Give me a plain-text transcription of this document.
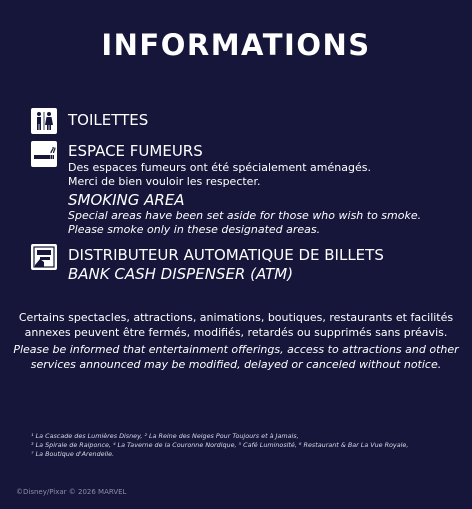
INFORMATIONS
TOILETTES
ESPACE FUMEURS
Des espaces fumeurs ont été spécialement aménagés.
Merci de bien vouloir les respecter.
SMOKING AREA
Special areas have been set aside for those who wish to smoke.
Please smoke only in these designated areas.
DISTRIBUTEUR AUTOMATIQUE DE BILLETS
BANK CASH DISPENSER (ATM)
Certains spectacles, attractions, animations, boutiques, restaurants et facilités
annexes peuvent être fermés, modifiés, retardés ou supprimés sans préavis.
Please be informed that entertainment offerings, access to attractions and other
services announced may be modified, delayed or canceled without notice.
¹ La Cascade des Lumières Disney, ² La Reine des Neiges Pour Toujours et à Jamais,
³ La Spirale de Raiponce, ⁴ La Taverne de la Couronne Nordique, ⁵ Café Luminosité, ⁶ Restaurant & Bar La Vue Royale,
⁷ La Boutique d'Arendelle.
©Disney/Pixar © 2026 MARVEL
